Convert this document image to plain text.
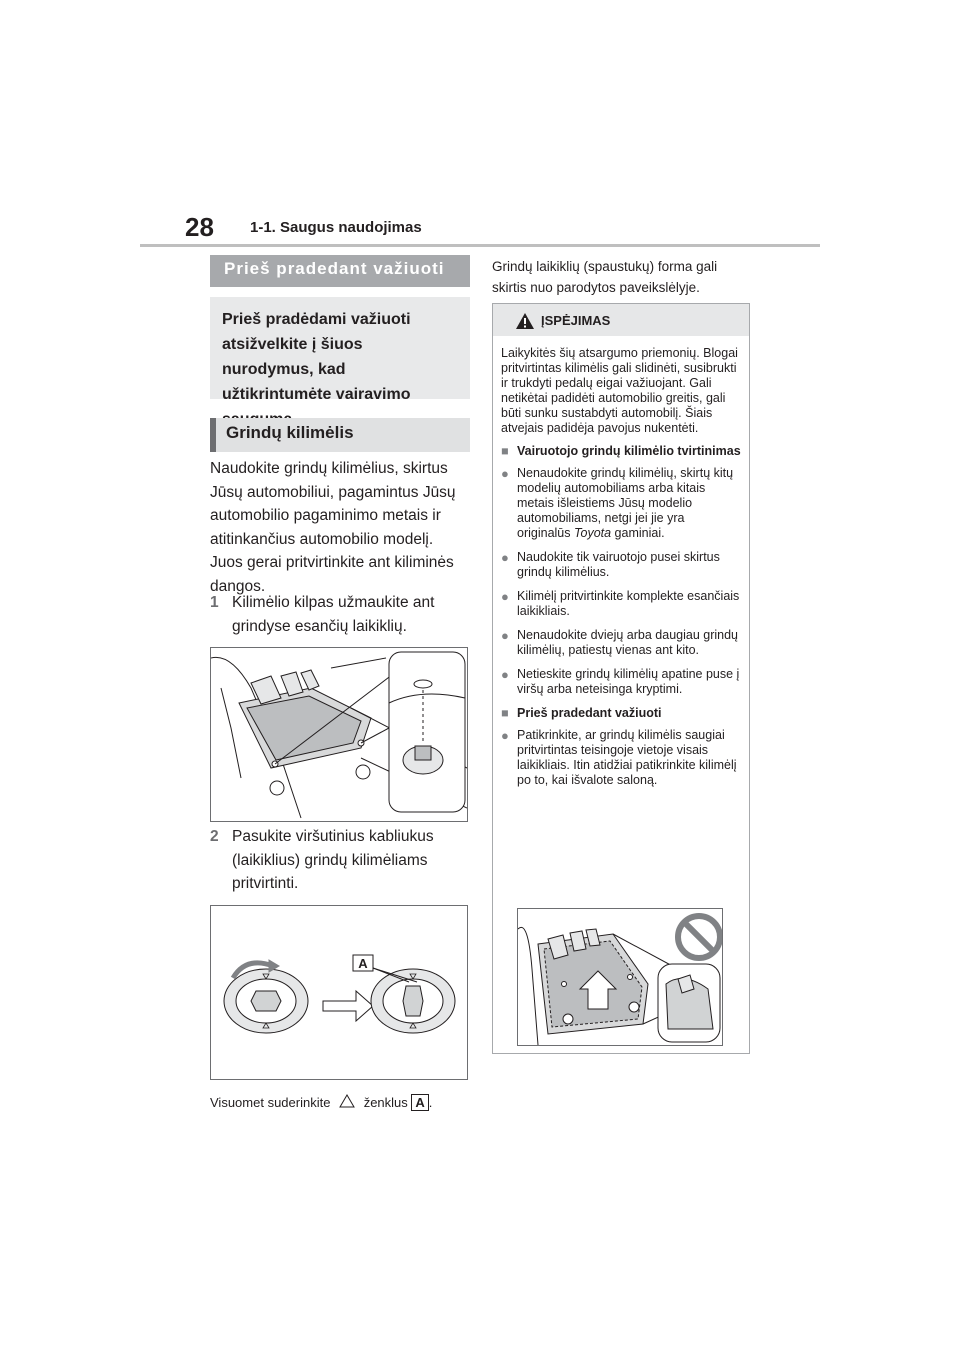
28 1-1. Saugus naudojimas
Prieš pradedant važiuoti
Prieš pradėdami važiuoti atsižvelkite į šiuos nurodymus, kad užtikrintumėte vairavimo
Grindų kilimėlis
Naudokite grindų kilimėlius, skirtus Jūsų automobiliui, pagamintus Jūsų automobilio pagaminimo metais ir atitinkančius automobilio modelį. Juos gerai pritvirtinkite ant kiliminės dangos.
1 Kilimėlio kilpas užmaukite ant grindyse esančių laikiklių.
2 Pasukite viršutinius kabliukus (laikiklius) grindų kilimėliams pritvirtinti.
A
Visuomet suderinkite	ženklus A .
Grindų laikiklių (spaustukų) forma gali skirtis nuo parodytos paveikslėlyje.
ĮSPĖJIMAS
Laikykitės šių atsargumo priemonių. Blogai pritvirtintas kilimėlis gali slidinėti, susibrukti ir trukdyti pedalų eigai važiuojant. Gali netikėtai padidėti automobilio greitis, gali būti sunku sustabdyti automobilį. Šiais atvejais padidėja pavojus nukentėti.
■ Vairuotojo grindų kilimėlio tvirtinimas
● Nenaudokite grindų kilimėlių, skirtų kitų modelių automobiliams arba kitais metais išleistiems Jūsų modelio automobiliams, netgi jei jie yra originalūs Toyota gaminiai.
● Naudokite tik vairuotojo pusei skirtus grindų kilimėlius.
● Kilimėlį pritvirtinkite komplekte esančiais laikikliais.
● Nenaudokite dviejų arba daugiau grindų kilimėlių, patiestų vienas ant kito.
● Netieskite grindų kilimėlių apatine puse į viršų arba neteisinga kryptimi.
■ Prieš pradedant važiuoti
● Patikrinkite, ar grindų kilimėlis saugiai pritvirtintas teisingoje vietoje visais laikikliais. Itin atidžiai patikrinkite kilimėlį po to, kai išvalote saloną.
